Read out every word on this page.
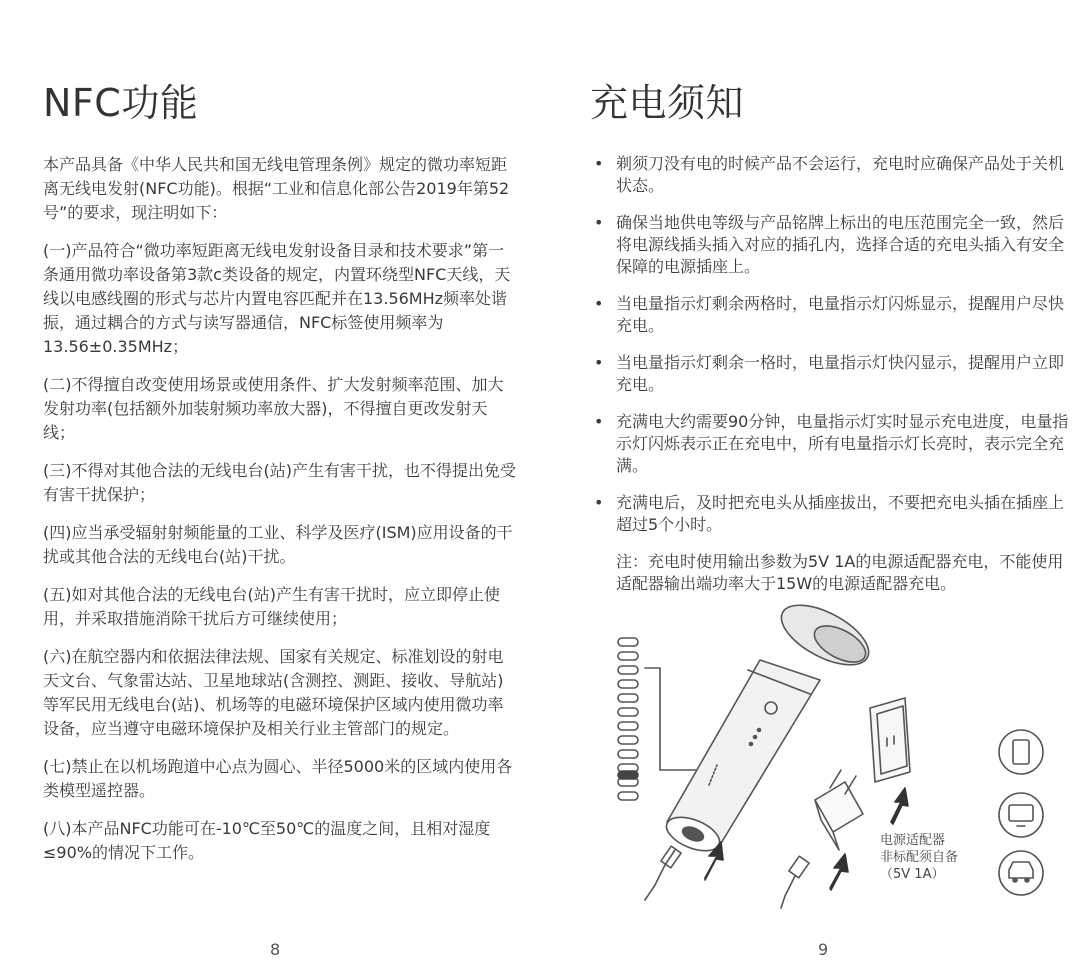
NFC功能

本产品具备《中华人民共和国无线电管理条例》规定的微功率短距离无线电发射(NFC功能)。根据“工业和信息化部公告2019年第52号”的要求，现注明如下：

(一)产品符合“微功率短距离无线电发射设备目录和技术要求”第一条通用微功率设备第3款c类设备的规定，内置环绕型NFC天线，天线以电感线圈的形式与芯片内置电容匹配并在13.56MHz频率处谐振，通过耦合的方式与读写器通信，NFC标签使用频率为13.56±0.35MHz；

(二)不得擅自改变使用场景或使用条件、扩大发射频率范围、加大发射功率(包括额外加装射频功率放大器)，不得擅自更改发射天线；

(三)不得对其他合法的无线电台(站)产生有害干扰，也不得提出免受有害干扰保护；

(四)应当承受辐射射频能量的工业、科学及医疗(ISM)应用设备的干扰或其他合法的无线电台(站)干扰。

(五)如对其他合法的无线电台(站)产生有害干扰时，应立即停止使用，并采取措施消除干扰后方可继续使用；

(六)在航空器内和依据法律法规、国家有关规定、标准划设的射电天文台、气象雷达站、卫星地球站(含测控、测距、接收、导航站)等军民用无线电台(站)、机场等的电磁环境保护区域内使用微功率设备，应当遵守电磁环境保护及相关行业主管部门的规定。

(七)禁止在以机场跑道中心点为圆心、半径5000米的区域内使用各类模型遥控器。

(八)本产品NFC功能可在-10℃至50℃的温度之间，且相对湿度≤90%的情况下工作。

8
充电须知
• 剃须刀没有电的时候产品不会运行，充电时应确保产品处于关机状态。
• 确保当地供电等级与产品铭牌上标出的电压范围完全一致，然后将电源线插头插入对应的插孔内，选择合适的充电头插入有安全保障的电源插座上。
• 当电量指示灯剩余两格时，电量指示灯闪烁显示，提醒用户尽快充电。
• 当电量指示灯剩余一格时，电量指示灯快闪显示，提醒用户立即充电。
• 充满电大约需要90分钟，电量指示灯实时显示充电进度，电量指示灯闪烁表示正在充电中，所有电量指示灯长亮时，表示完全充满。
• 充满电后，及时把充电头从插座拔出，不要把充电头插在插座上超过5个小时。
注：充电时使用输出参数为5V 1A的电源适配器充电，不能使用适配器输出端功率大于15W的电源适配器充电。
9
电源适配器
非标配须自备
（5V 1A）
